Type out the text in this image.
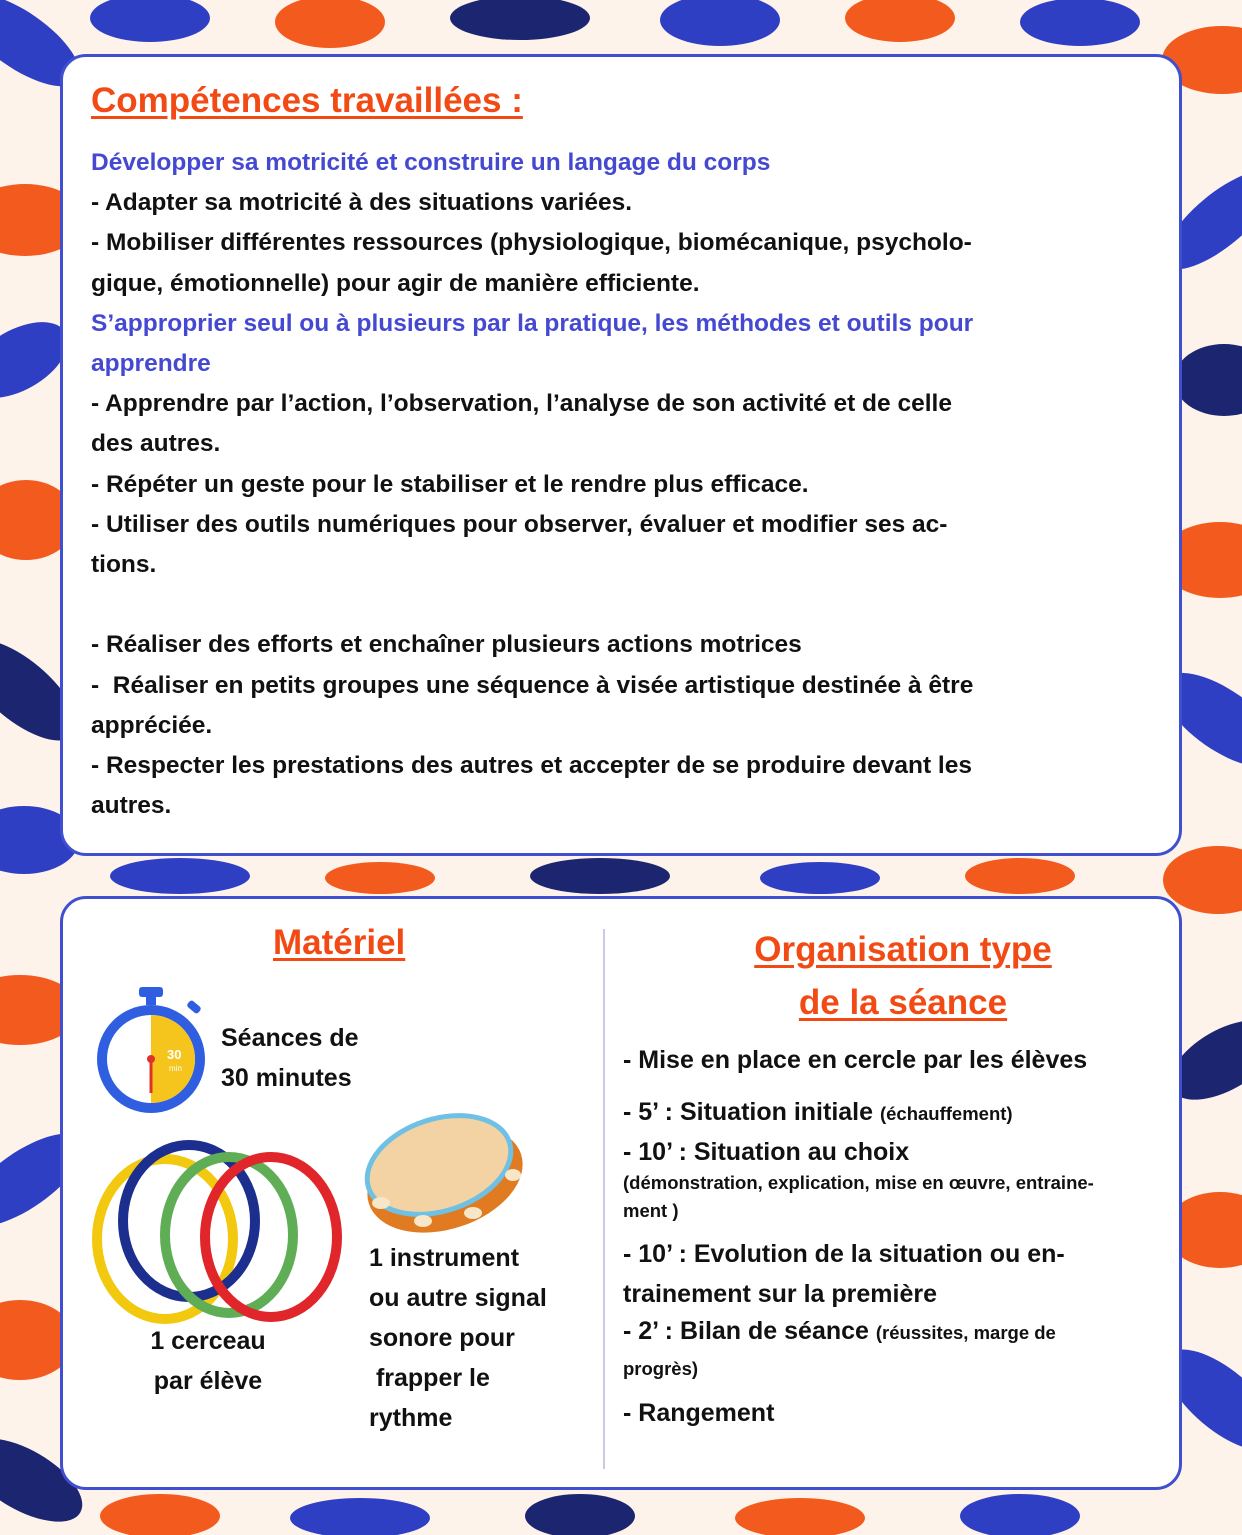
Compétences travaillées :
Développer sa motricité et construire un langage du corps
- Adapter sa motricité à des situations variées.
- Mobiliser différentes ressources (physiologique, biomécanique, psycholo-
gique, émotionnelle) pour agir de manière efficiente.
S’approprier seul ou à plusieurs par la pratique, les méthodes et outils pour
apprendre
- Apprendre par l’action, l’observation, l’analyse de son activité et de celle
des autres.
- Répéter un geste pour le stabiliser et le rendre plus efficace.
- Utiliser des outils numériques pour observer, évaluer et modifier ses ac-
tions.

- Réaliser des efforts et enchaîner plusieurs actions motrices
-  Réaliser en petits groupes une séquence à visée artistique destinée à être
appréciée.
- Respecter les prestations des autres et accepter de se produire devant les
autres.
Matériel
30
min
Séances de
30 minutes
1 cerceau
par élève
1 instrument
ou autre signal
sonore pour
frapper le
rythme
Organisation type
de la séance
- Mise en place en cercle par les élèves
- 5’ : Situation initiale (échauffement)
- 10’ : Situation au choix
(démonstration, explication, mise en œuvre, entraine-
ment )
- 10’ : Evolution de la situation ou en-
trainement sur la première
- 2’ : Bilan de séance (réussites, marge de
progrès)
- Rangement
